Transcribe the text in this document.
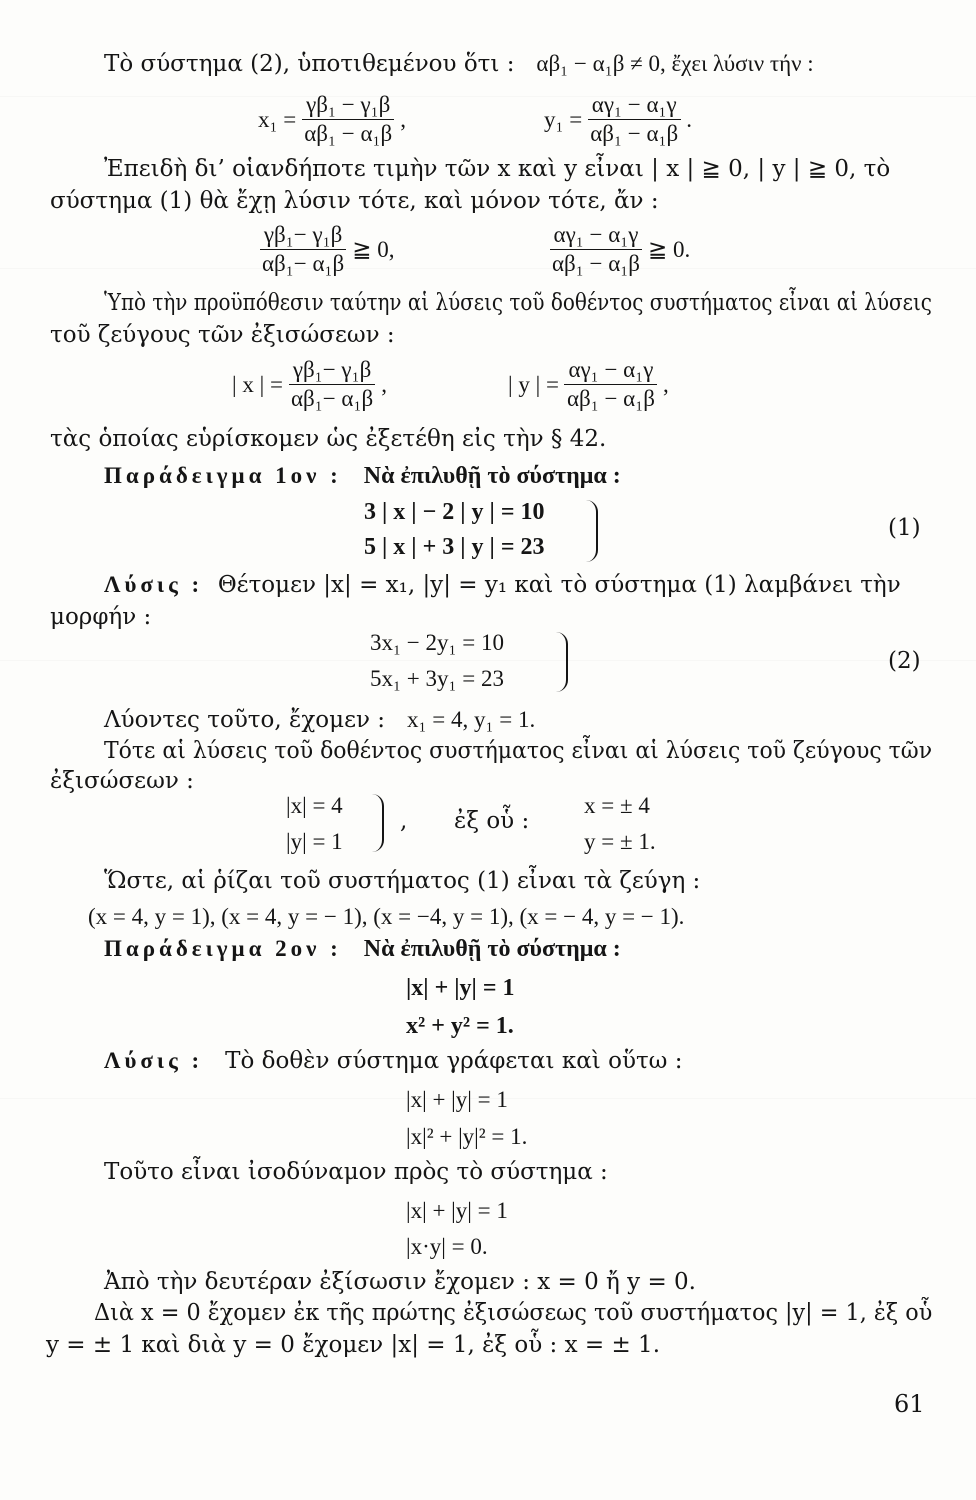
Τὸ σύστημα (2), ὑποτιθεμένου ὅτι : αβ₁ − α₁β ≠ 0, ἔχει λύσιν τήν :
$x_1 = \frac{\text{γβ₁ − γ₁β}}{\text{αβ₁ − α₁β}}$ ,	$y_1 = \frac{\text{αγ₁ − α₁γ}}{\text{αβ₁ − α₁β}}$ .
Ἐπειδὴ δι’ οἱανδήποτε τιμὴν τῶν x καὶ y εἶναι | x | ≧ 0, | y | ≧ 0, τὸ
σύστημα (1) θὰ ἔχῃ λύσιν τότε, καὶ μόνον τότε, ἄν :
$\frac{\text{γβ₁− γ₁β}}{\text{αβ₁− α₁β}}$ ≧ 0,	$\frac{\text{αγ₁ − α₁γ}}{\text{αβ₁ − α₁β}}$ ≧ 0.
Ὑπὸ τὴν προϋπόθεσιν ταύτην αἱ λύσεις τοῦ δοθέντος συστήματος εἶναι αἱ λύσεις
τοῦ ζεύγους τῶν ἐξισώσεων :
| x | = $\frac{\text{γβ₁− γ₁β}}{\text{αβ₁− α₁β}}$ ,	| y | = $\frac{\text{αγ₁ − α₁γ}}{\text{αβ₁ − α₁β}}$ ,
τὰς ὁποίας εὑρίσκομεν ὡς ἐξετέθη εἰς τὴν § 42.
Παράδειγμα 1ον : Νὰ ἐπιλυθῇ τὸ σύστημα :
3 | x | − 2 | y | = 10
5 | x | + 3 | y | = 23
(1)
Λύσις : Θέτομεν |x| = x₁, |y| = y₁ καὶ τὸ σύστημα (1) λαμβάνει τὴν
μορφήν :
3x₁ − 2y₁ = 10
5x₁ + 3y₁ = 23
(2)
Λύοντες τοῦτο, ἔχομεν : x₁ = 4, y₁ = 1.
Τότε αἱ λύσεις τοῦ δοθέντος συστήματος εἶναι αἱ λύσεις τοῦ ζεύγους τῶν
ἐξισώσεων :
|x| = 4
|y| = 1
, ἐξ οὗ :
x = ± 4
y = ± 1.
Ὥστε, αἱ ῥίζαι τοῦ συστήματος (1) εἶναι τὰ ζεύγη :
(x = 4, y = 1), (x = 4, y = − 1), (x = −4, y = 1), (x = − 4, y = − 1).
Παράδειγμα 2ον : Νὰ ἐπιλυθῇ τὸ σύστημα :
|x| + |y| = 1
x² + y² = 1.
Λύσις : Τὸ δοθὲν σύστημα γράφεται καὶ οὕτω :
|x| + |y| = 1
|x|² + |y|² = 1.
Τοῦτο εἶναι ἰσοδύναμον πρὸς τὸ σύστημα :
|x| + |y| = 1
|x·y| = 0.
Ἀπὸ τὴν δευτέραν ἐξίσωσιν ἔχομεν : x = 0 ἤ y = 0.
Διὰ x = 0 ἔχομεν ἐκ τῆς πρώτης ἐξισώσεως τοῦ συστήματος |y| = 1, ἐξ οὗ
y = ± 1 καὶ διὰ y = 0 ἔχομεν |x| = 1, ἐξ οὗ : x = ± 1.
61
